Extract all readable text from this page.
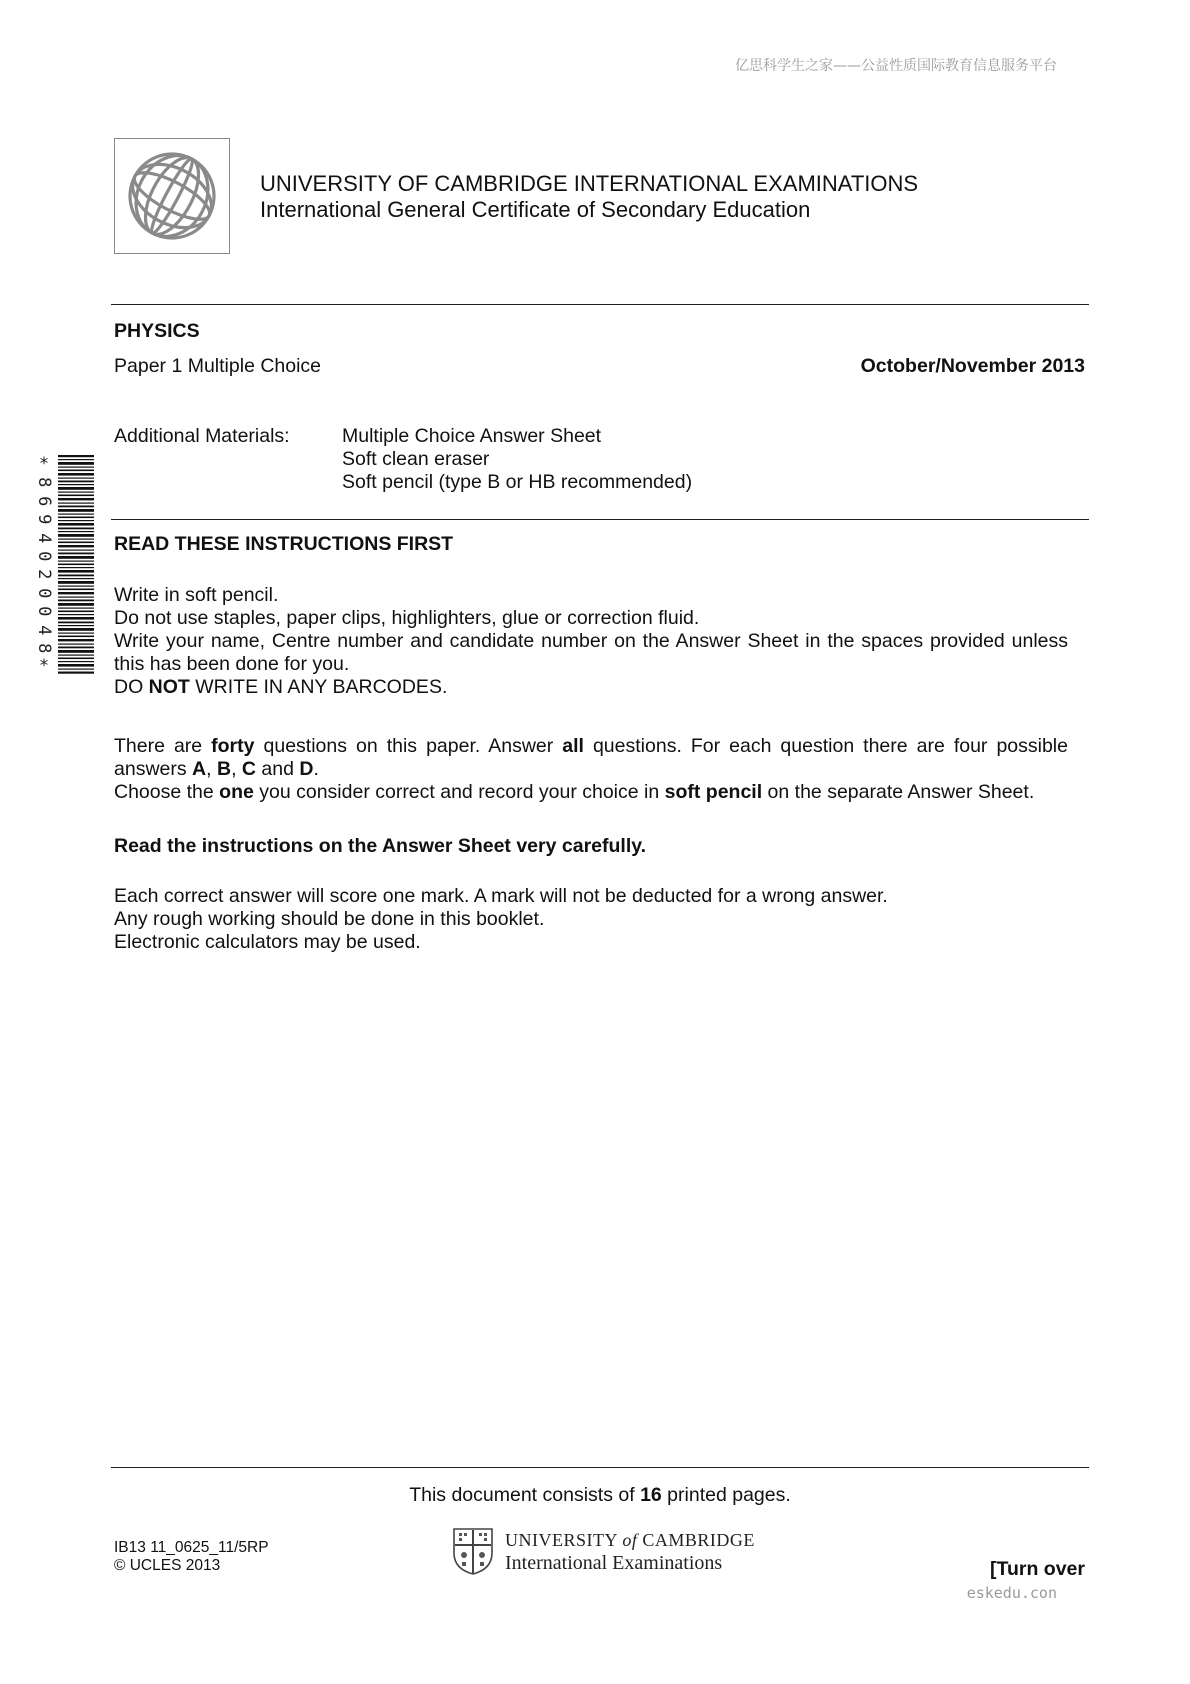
亿思科学生之家——公益性质国际教育信息服务平台
UNIVERSITY OF CAMBRIDGE INTERNATIONAL EXAMINATIONS
International General Certificate of Secondary Education
PHYSICS
Paper 1 Multiple Choice	October/November 2013
Additional Materials:	Multiple Choice Answer Sheet
Soft clean eraser
Soft pencil (type B or HB recommended)
*
8
6
9
4
0
2
0
0
4
8
*
READ THESE INSTRUCTIONS FIRST
Write in soft pencil.
Do not use staples, paper clips, highlighters, glue or correction fluid.
Write your name, Centre number and candidate number on the Answer Sheet in the spaces provided unless this has been done for you.
DO NOT WRITE IN ANY BARCODES.
There are forty questions on this paper. Answer all questions. For each question there are four possible answers A, B, C and D.
Choose the one you consider correct and record your choice in soft pencil on the separate Answer Sheet.
Read the instructions on the Answer Sheet very carefully.
Each correct answer will score one mark. A mark will not be deducted for a wrong answer.
Any rough working should be done in this booklet.
Electronic calculators may be used.
This document consists of 16 printed pages.
IB13 11_0625_11/5RP
© UCLES 2013
UNIVERSITY of CAMBRIDGE
International Examinations	[Turn over
eskedu.con
